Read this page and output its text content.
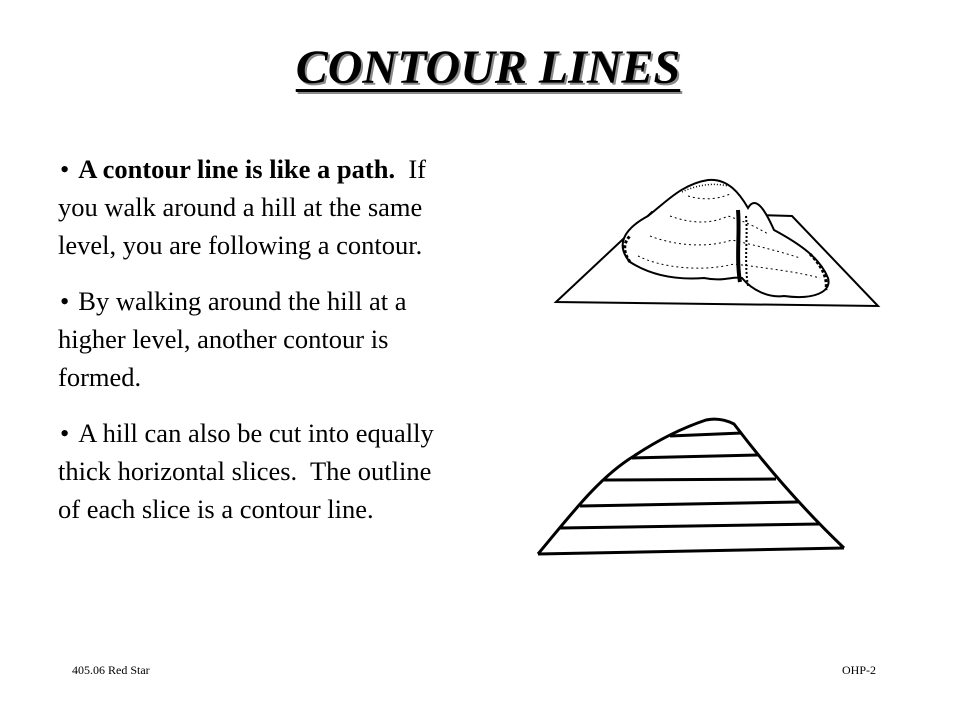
CONTOUR LINES

• A contour line is like a path.  If you walk around a hill at the same level, you are following a contour.

• By walking around the hill at a higher level, another contour is formed.

• A hill can also be cut into equally thick horizontal slices.  The outline of each slice is a contour line.

405.06 Red Star	OHP-2
